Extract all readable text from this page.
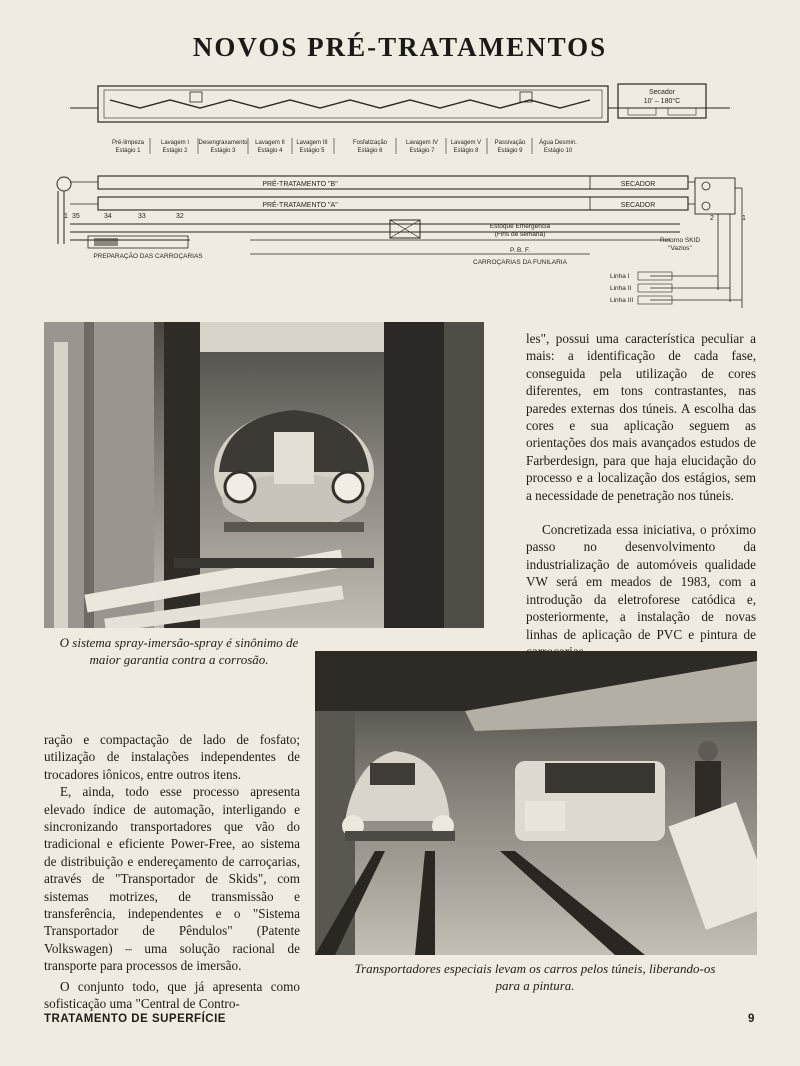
NOVOS PRÉ-TRATAMENTOS
Secador
10' – 180°C
Pré-limpeza
Estágio 1
Lavagem I
Estágio 2
Desengraxamento
Estágio 3
Lavagem II
Estágio 4
Lavagem III
Estágio 5
Fosfatização
Estágio 6
Lavagem IV
Estágio 7
Lavagem V
Estágio 8
Passivação
Estágio 9
Água Desmin.
Estágio 10
PRÉ-TRATAMENTO "B"	SECADOR
PRÉ-TRATAMENTO "A"	SECADOR
1 35	34	33	32	2	1
Estoque Emergência
(Fins de semana)
PREPARAÇÃO DAS CARROÇARIAS
Retorno SKID
"Vazios"
P. B. F.
CARROÇARIAS DA FUNILARIA
Linha I
Linha II
Linha III
O sistema spray-imersão-spray é sinônimo de maior garantia contra a corrosão.

les", possui uma característica peculiar a mais: a identificação de cada fase, conseguida pela utilização de cores diferentes, em tons contrastantes, nas paredes externas dos túneis. A escolha das cores e sua aplicação seguem as orientações dos mais avançados estudos de Farberdesign, para que haja elucidação do processo e a localização dos estágios, sem a necessidade de penetração nos túneis.

Concretizada essa iniciativa, o próximo passo no desenvolvimento da industrialização de automóveis qualidade VW será em meados de 1983, com a introdução da eletroforese catódica e, posteriormente, a instalação de novas linhas de aplicação de PVC e pintura de

Transportadores especiais levam os carros pelos túneis, liberando-os para a pintura.

ração e compactação de lado de fosfato; utilização de instalações independentes de trocadores iônicos, entre outros itens.

E, ainda, todo esse processo apresenta elevado índice de automação, interligando e sincronizando transportadores que vão do tradicional e eficiente Power-Free, ao sistema de distribuição e endereçamento de carroçarias, através de "Transportador de Skids", com sistemas motrizes, de transmissão e transferência, independentes e o "Sistema Transportador de Pêndulos" (Patente Volkswagen) – uma solução racional de transporte para processos de imersão.

O conjunto todo, que já apresenta como sofisticação uma "Central de Contro-

TRATAMENTO DE SUPERFÍCIE	9
